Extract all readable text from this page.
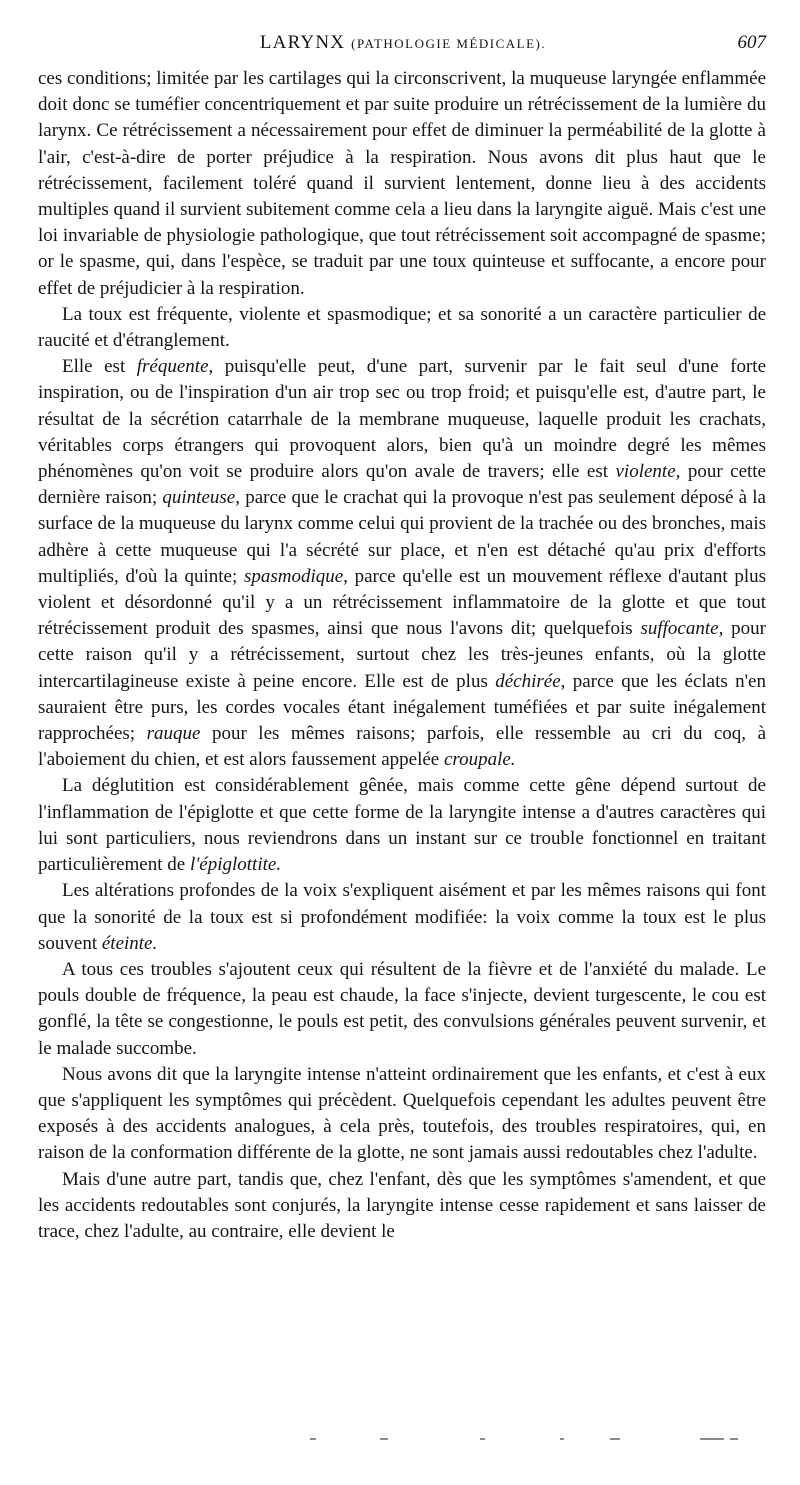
LARYNX (PATHOLOGIE MÉDICALE).	607

ces conditions; limitée par les cartilages qui la circonscrivent, la muqueuse laryngée enflammée doit donc se tuméfier concentriquement et par suite produire un rétrécissement de la lumière du larynx. Ce rétrécissement a nécessairement pour effet de diminuer la perméabilité de la glotte à l'air, c'est-à-dire de porter préjudice à la respiration. Nous avons dit plus haut que le rétrécissement, facilement toléré quand il survient lentement, donne lieu à des accidents multiples quand il survient subitement comme cela a lieu dans la laryngite aiguë. Mais c'est une loi invariable de physiologie pathologique, que tout rétrécissement soit accompagné de spasme; or le spasme, qui, dans l'espèce, se traduit par une toux quinteuse et suffocante, a encore pour effet de préjudicier à la respiration.

La toux est fréquente, violente et spasmodique; et sa sonorité a un caractère particulier de raucité et d'étranglement.

Elle est fréquente, puisqu'elle peut, d'une part, survenir par le fait seul d'une forte inspiration, ou de l'inspiration d'un air trop sec ou trop froid; et puisqu'elle est, d'autre part, le résultat de la sécrétion catarrhale de la membrane muqueuse, laquelle produit les crachats, véritables corps étrangers qui provoquent alors, bien qu'à un moindre degré les mêmes phénomènes qu'on voit se produire alors qu'on avale de travers; elle est violente, pour cette dernière raison; quinteuse, parce que le crachat qui la provoque n'est pas seulement déposé à la surface de la muqueuse du larynx comme celui qui provient de la trachée ou des bronches, mais adhère à cette muqueuse qui l'a sécrété sur place, et n'en est détaché qu'au prix d'efforts multipliés, d'où la quinte; spasmodique, parce qu'elle est un mouvement réflexe d'autant plus violent et désordonné qu'il y a un rétrécissement inflammatoire de la glotte et que tout rétrécissement produit des spasmes, ainsi que nous l'avons dit; quelquefois suffocante, pour cette raison qu'il y a rétrécissement, surtout chez les très-jeunes enfants, où la glotte intercartilagineuse existe à peine encore. Elle est de plus déchirée, parce que les éclats n'en sauraient être purs, les cordes vocales étant inégalement tuméfiées et par suite inégalement rapprochées; rauque pour les mêmes raisons; parfois, elle ressemble au cri du coq, à l'aboiement du chien, et est alors faussement appelée croupale.

La déglutition est considérablement gênée, mais comme cette gêne dépend surtout de l'inflammation de l'épiglotte et que cette forme de la laryngite intense a d'autres caractères qui lui sont particuliers, nous reviendrons dans un instant sur ce trouble fonctionnel en traitant particulièrement de l'épiglottite.

Les altérations profondes de la voix s'expliquent aisément et par les mêmes raisons qui font que la sonorité de la toux est si profondément modifiée: la voix comme la toux est le plus souvent éteinte.

A tous ces troubles s'ajoutent ceux qui résultent de la fièvre et de l'anxiété du malade. Le pouls double de fréquence, la peau est chaude, la face s'injecte, devient turgescente, le cou est gonflé, la tête se congestionne, le pouls est petit, des convulsions générales peuvent survenir, et le malade succombe.

Nous avons dit que la laryngite intense n'atteint ordinairement que les enfants, et c'est à eux que s'appliquent les symptômes qui précèdent. Quelquefois cependant les adultes peuvent être exposés à des accidents analogues, à cela près, toutefois, des troubles respiratoires, qui, en raison de la conformation différente de la glotte, ne sont jamais aussi redoutables chez l'adulte.

Mais d'une autre part, tandis que, chez l'enfant, dès que les symptômes s'amendent, et que les accidents redoutables sont conjurés, la laryngite intense cesse rapidement et sans laisser de trace, chez l'adulte, au contraire, elle devient le
